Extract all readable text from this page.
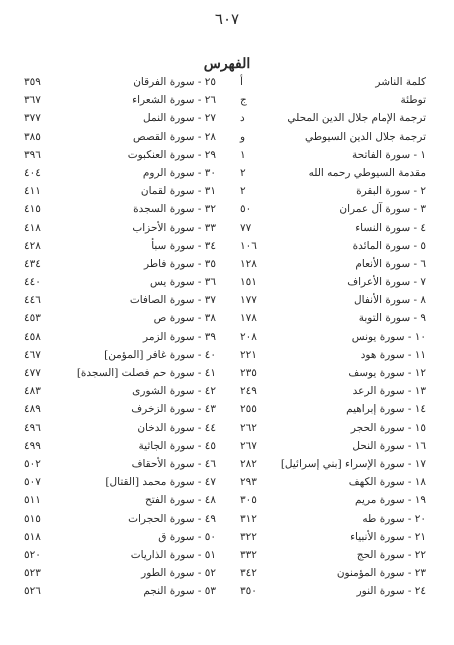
٦٠٧
الفهرس
كلمة الناشر
أ
توطئة
ج
ترجمة الإمام جلال الدين المحلي
د
ترجمة جلال الدين السيوطي
و
١ - سورة الفاتحة
١
مقدمة السيوطي رحمه الله
٢
٢ - سورة البقرة
٢
٣ - سورة آل عمران
٥٠
٤ - سورة النساء
٧٧
٥ - سورة المائدة
١٠٦
٦ - سورة الأنعام
١٢٨
٧ - سورة الأعراف
١٥١
٨ - سورة الأنفال
١٧٧
٩ - سورة التوبة
١٧٨
١٠ - سورة يونس
٢٠٨
١١ - سورة هود
٢٢١
١٢ - سورة يوسف
٢٣٥
١٣ - سورة الرعد
٢٤٩
١٤ - سورة إبراهيم
٢٥٥
١٥ - سورة الحجر
٢٦٢
١٦ - سورة النحل
٢٦٧
١٧ - سورة الإسراء [بني إسرائيل]
٢٨٢
١٨ - سورة الكهف
٢٩٣
١٩ - سورة مريم
٣٠٥
٢٠ - سورة طه
٣١٢
٢١ - سورة الأنبياء
٣٢٢
٢٢ - سورة الحج
٣٣٢
٢٣ - سورة المؤمنون
٣٤٢
٢٤ - سورة النور
٣٥٠
٢٥ - سورة الفرقان
٣٥٩
٢٦ - سورة الشعراء
٣٦٧
٢٧ - سورة النمل
٣٧٧
٢٨ - سورة القصص
٣٨٥
٢٩ - سورة العنكبوت
٣٩٦
٣٠ - سورة الروم
٤٠٤
٣١ - سورة لقمان
٤١١
٣٢ - سورة السجدة
٤١٥
٣٣ - سورة الأحزاب
٤١٨
٣٤ - سورة سبأ
٤٢٨
٣٥ - سورة فاطر
٤٣٤
٣٦ - سورة يس
٤٤٠
٣٧ - سورة الصافات
٤٤٦
٣٨ - سورة ص
٤٥٣
٣٩ - سورة الزمر
٤٥٨
٤٠ - سورة غافر [المؤمن]
٤٦٧
٤١ - سورة حم فصلت [السجدة]
٤٧٧
٤٢ - سورة الشورى
٤٨٣
٤٣ - سورة الزخرف
٤٨٩
٤٤ - سورة الدخان
٤٩٦
٤٥ - سورة الجاثية
٤٩٩
٤٦ - سورة الأحقاف
٥٠٢
٤٧ - سورة محمد [القتال]
٥٠٧
٤٨ - سورة الفتح
٥١١
٤٩ - سورة الحجرات
٥١٥
٥٠ - سورة ق
٥١٨
٥١ - سورة الذاريات
٥٢٠
٥٢ - سورة الطور
٥٢٣
٥٣ - سورة النجم
٥٢٦
